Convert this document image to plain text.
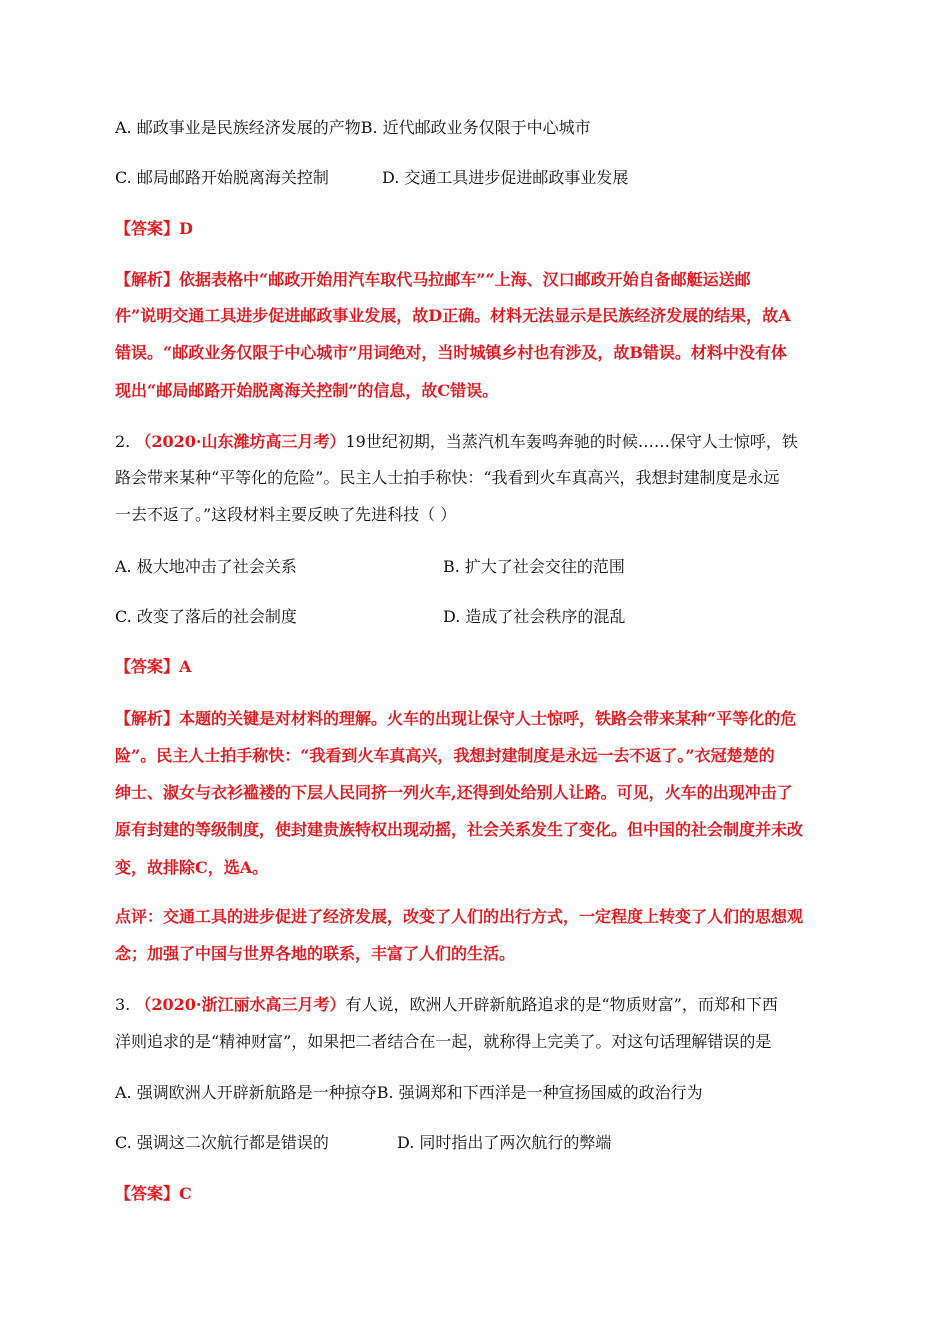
A. 邮政事业是民族经济发展的产物B. 近代邮政业务仅限于中心城市
C. 邮局邮路开始脱离海关控制	D. 交通工具进步促进邮政事业发展
【答案】D
【解析】依据表格中“邮政开始用汽车取代马拉邮车”“上海、汉口邮政开始自备邮艇运送邮
件”说明交通工具进步促进邮政事业发展，故D正确。材料无法显示是民族经济发展的结果，故A
错误。“邮政业务仅限于中心城市”用词绝对，当时城镇乡村也有涉及，故B错误。材料中没有体
现出“邮局邮路开始脱离海关控制”的信息，故C错误。
2. （2020·山东潍坊高三月考）19世纪初期，当蒸汽机车轰鸣奔驰的时候……保守人士惊呼，铁
路会带来某种“平等化的危险”。民主人士拍手称快：“我看到火车真高兴，我想封建制度是永远
一去不返了。”这段材料主要反映了先进科技（ ）
A. 极大地冲击了社会关系	B. 扩大了社会交往的范围
C. 改变了落后的社会制度	D. 造成了社会秩序的混乱
【答案】A
【解析】本题的关键是对材料的理解。火车的出现让保守人士惊呼，铁路会带来某种“平等化的危
险”。民主人士拍手称快：“我看到火车真高兴，我想封建制度是永远一去不返了。”衣冠楚楚的
绅士、淑女与衣衫褴褛的下层人民同挤一列火车,还得到处给别人让路。可见，火车的出现冲击了
原有封建的等级制度，使封建贵族特权出现动摇，社会关系发生了变化。但中国的社会制度并未改
变，故排除C，选A。
点评：交通工具的进步促进了经济发展，改变了人们的出行方式，一定程度上转变了人们的思想观
念；加强了中国与世界各地的联系，丰富了人们的生活。
3. （2020·浙江丽水高三月考）有人说，欧洲人开辟新航路追求的是“物质财富”，而郑和下西
洋则追求的是“精神财富”，如果把二者结合在一起，就称得上完美了。对这句话理解错误的是
A. 强调欧洲人开辟新航路是一种掠夺B. 强调郑和下西洋是一种宣扬国威的政治行为
C. 强调这二次航行都是错误的	D. 同时指出了两次航行的弊端
【答案】C
